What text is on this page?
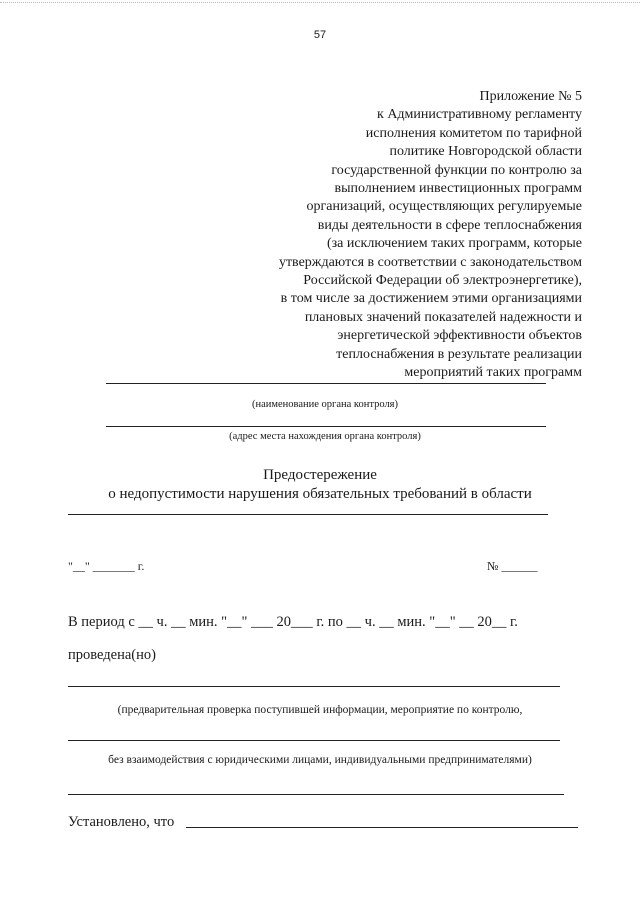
57
Приложение № 5
к Административному регламенту
исполнения комитетом по тарифной
политике Новгородской области
государственной функции по контролю за
выполнением инвестиционных программ
организаций, осуществляющих регулируемые
виды деятельности в сфере теплоснабжения
(за исключением таких программ, которые
утверждаются в соответствии с законодательством
Российской Федерации об электроэнергетике),
в том числе за достижением этими организациями
плановых значений показателей надежности и
энергетической эффективности объектов
теплоснабжения в результате реализации
мероприятий таких программ
(наименование органа контроля)
(адрес места нахождения органа контроля)
Предостережение
о недопустимости нарушения обязательных требований в области
"__" _______ г.	№ ______
В период с __ ч. __ мин. "__" ___ 20___ г. по __ ч. __ мин. "__" __ 20__ г.
проведена(но)
(предварительная проверка поступившей информации, мероприятие по контролю,
без взаимодействия с юридическими лицами, индивидуальными предпринимателями)
Установлено, что
